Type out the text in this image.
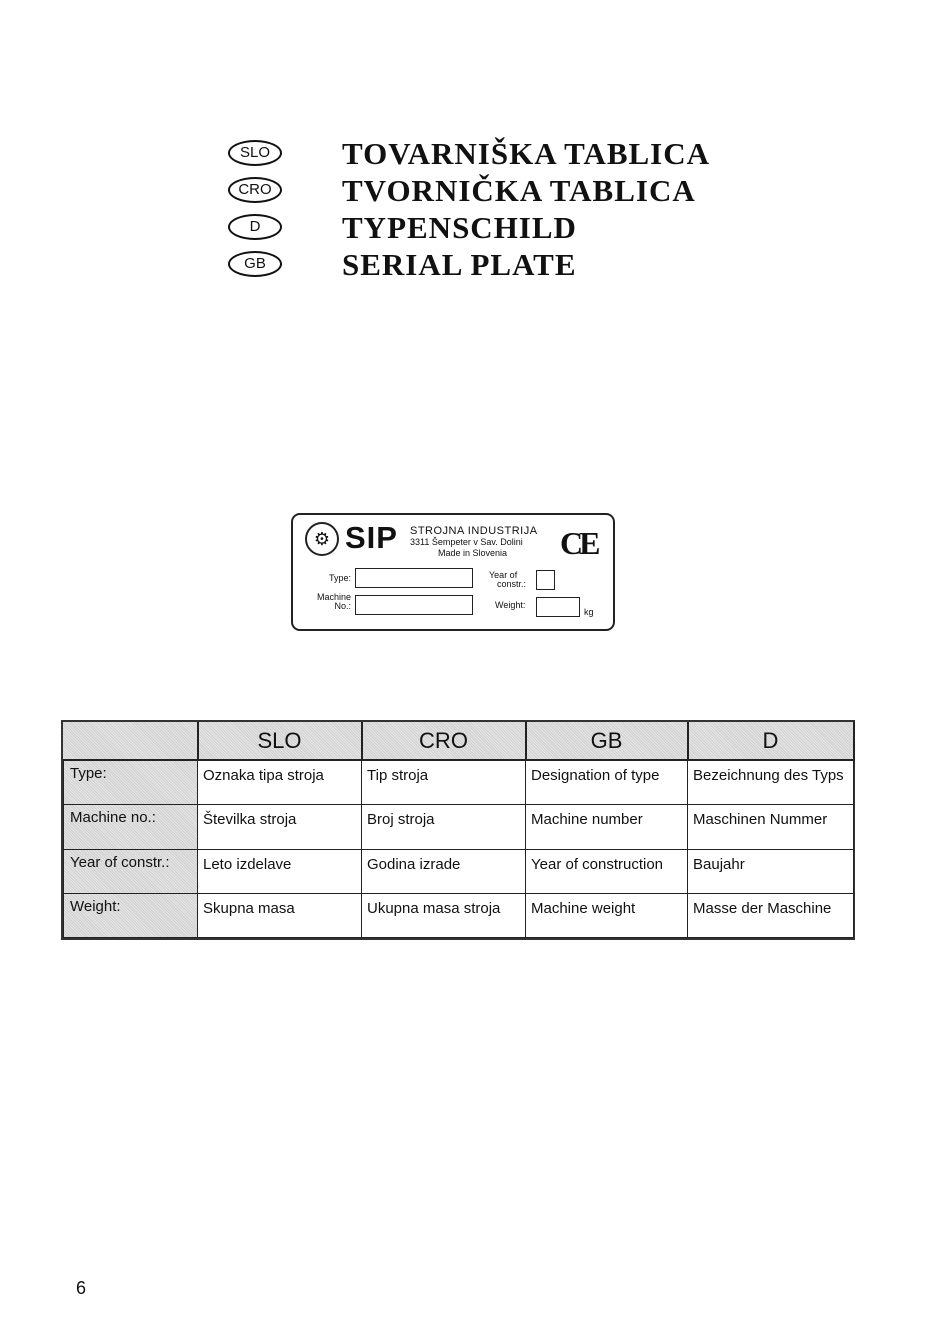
SLO	TOVARNIŠKA TABLICA
CRO	TVORNIČKA TABLICA
D	TYPENSCHILD
GB	SERIAL PLATE
⚙ SIP STROJNA INDUSTRIJA
3311 Šempeter v Sav. Dolini
Made in Slovenia CE
Type:
Machine
No.:
Year of
constr.:
Weight:
kg
	SLO	CRO	GB	D
Type:	Oznaka tipa stroja	Tip stroja	Designation of type	Bezeichnung des Typs
Machine no.:	Številka stroja	Broj stroja	Machine number	Maschinen Nummer
Year of constr.:	Leto izdelave	Godina izrade	Year of construction	Baujahr
Weight:	Skupna masa	Ukupna masa stroja	Machine weight	Masse der Maschine
6
